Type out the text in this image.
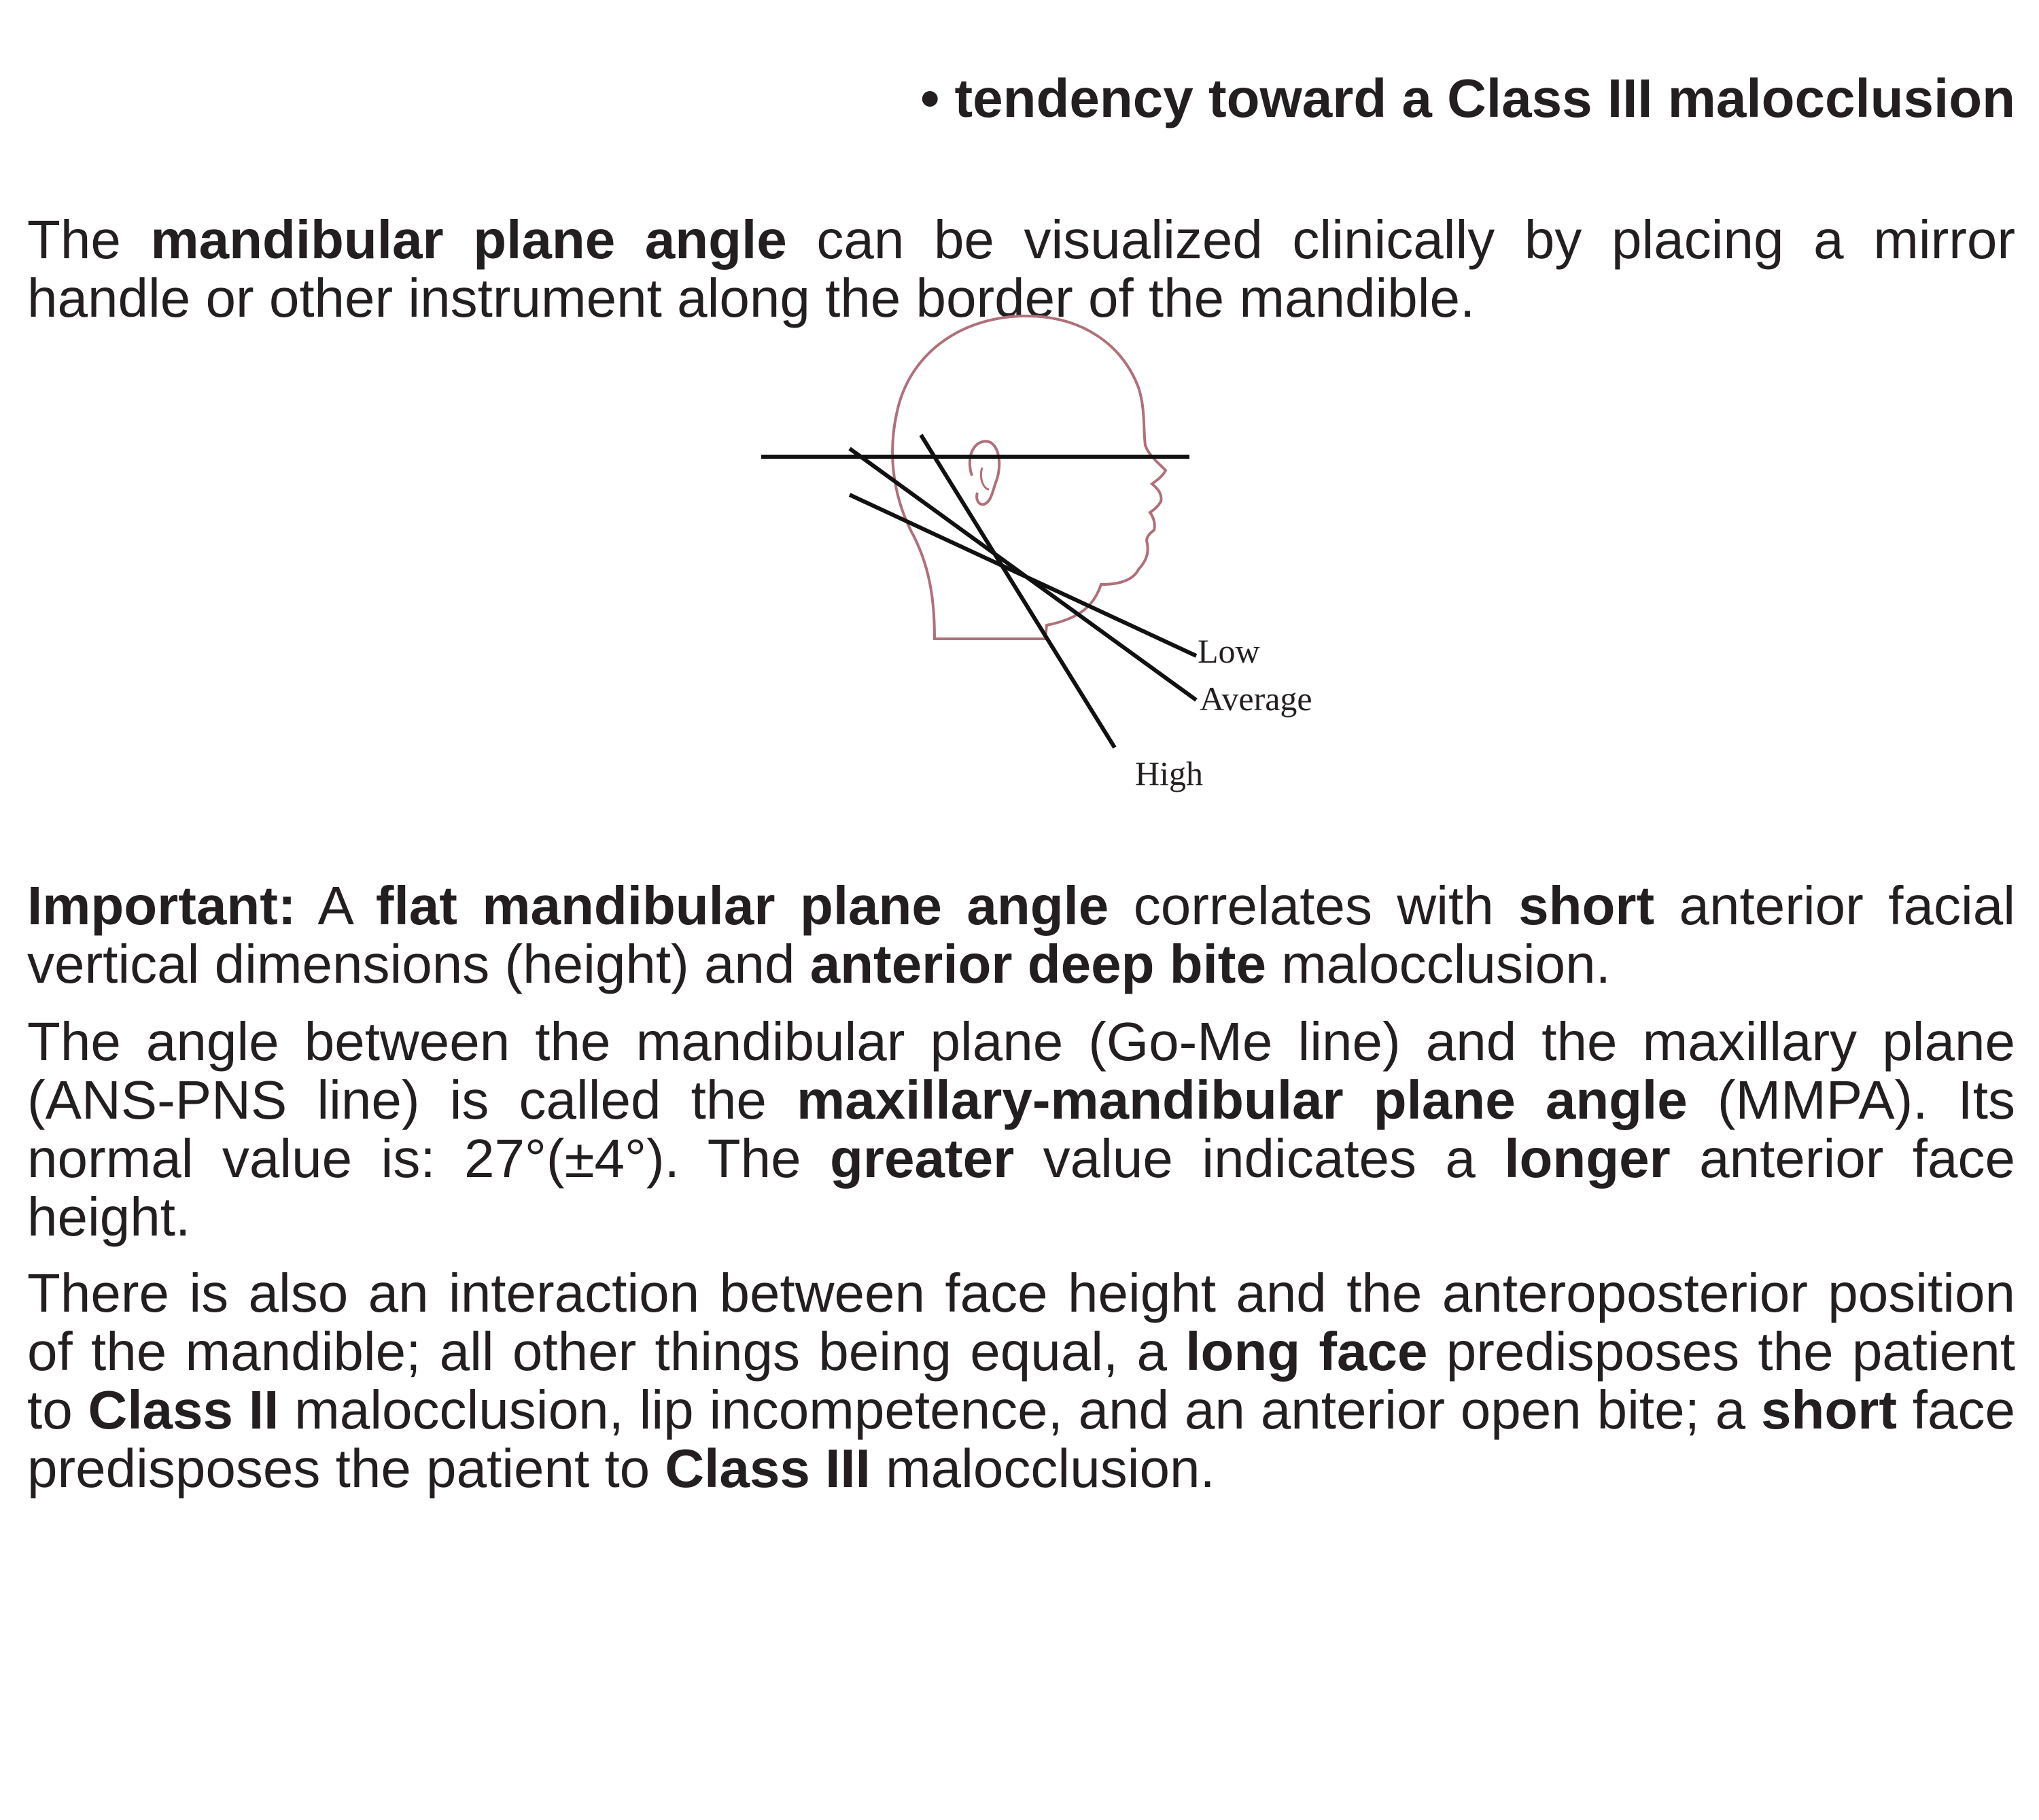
• tendency toward a Class III malocclusion

The mandibular plane angle can be visualized clinically by placing a mirror handle or other instrument along the border of the mandible.

Low
Average
High

Important: A flat mandibular plane angle correlates with short anterior facial vertical dimensions (height) and anterior deep bite malocclusion.

The angle between the mandibular plane (Go-Me line) and the maxillary plane (ANS-PNS line) is called the maxillary-mandibular plane angle (MMPA). Its normal value is: 27°(±4°). The greater value indicates a longer anterior face height.

There is also an interaction between face height and the anteroposterior position of the mandible; all other things being equal, a long face predisposes the patient to Class II malocclusion, lip incompetence, and an anterior open bite; a short face predisposes the patient to Class III malocclusion.
